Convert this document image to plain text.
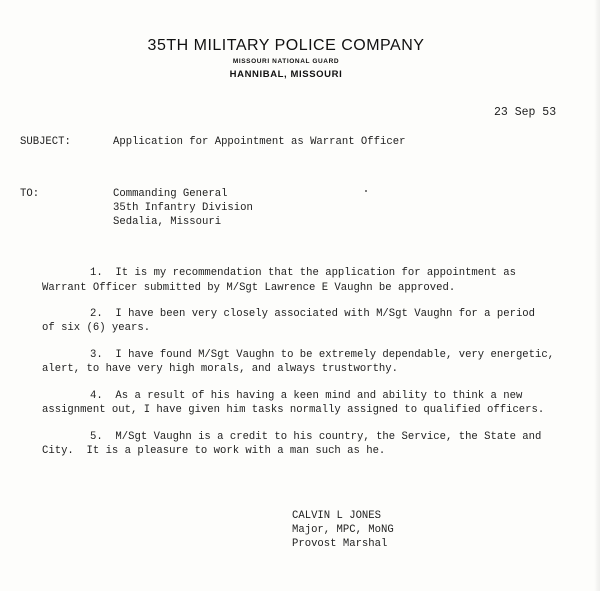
35TH MILITARY POLICE COMPANY
MISSOURI NATIONAL GUARD
HANNIBAL, MISSOURI
23 Sep 53
SUBJECT:	Application for Appointment as Warrant Officer
TO:	Commanding General
35th Infantry Division
Sedalia, Missouri
1.  It is my recommendation that the application for appointment as
Warrant Officer submitted by M/Sgt Lawrence E Vaughn be approved.
2.  I have been very closely associated with M/Sgt Vaughn for a period
of six (6) years.
3.  I have found M/Sgt Vaughn to be extremely dependable, very energetic,
alert, to have very high morals, and always trustworthy.
4.  As a result of his having a keen mind and ability to think a new
assignment out, I have given him tasks normally assigned to qualified officers.
5.  M/Sgt Vaughn is a credit to his country, the Service, the State and
City.  It is a pleasure to work with a man such as he.
CALVIN L JONES
Major, MPC, MoNG
Provost Marshal
